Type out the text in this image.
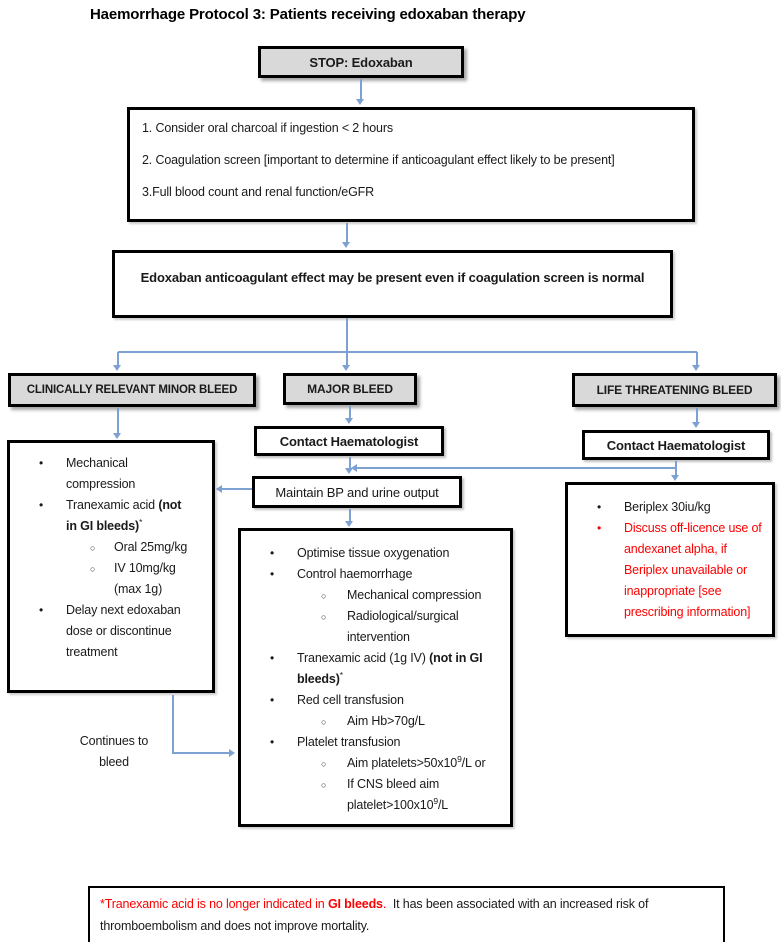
Haemorrhage Protocol 3: Patients receiving edoxaban therapy
STOP: Edoxaban
1. Consider oral charcoal if ingestion < 2 hours
2. Coagulation screen [important to determine if anticoagulant effect likely to be present]
3.Full blood count and renal function/eGFR
Edoxaban anticoagulant effect may be present even if coagulation screen is normal
CLINICALLY RELEVANT MINOR BLEED	MAJOR BLEED	LIFE THREATENING BLEED
Contact Haematologist	Contact Haematologist
Maintain BP and urine output
• Mechanical compression
• Tranexamic acid (not in GI bleeds)*
○ Oral 25mg/kg
○ IV 10mg/kg (max 1g)
• Delay next edoxaban dose or discontinue treatment
• Optimise tissue oxygenation
• Control haemorrhage
○ Mechanical compression
○ Radiological/surgical intervention
• Tranexamic acid (1g IV) (not in GI bleeds)*
• Red cell transfusion
○ Aim Hb>70g/L
• Platelet transfusion
○ Aim $platelets>50x10^9/L$ or
○ If CNS bleed aim $platelet>100x10^9/L$
• Beriplex 30iu/kg
• Discuss off-licence use of andexanet alpha, if Beriplex unavailable or inappropriate [see prescribing information]
Continues to bleed
*Tranexamic acid is no longer indicated in GI bleeds.  It has been associated with an increased risk of thromboembolism and does not improve mortality.
